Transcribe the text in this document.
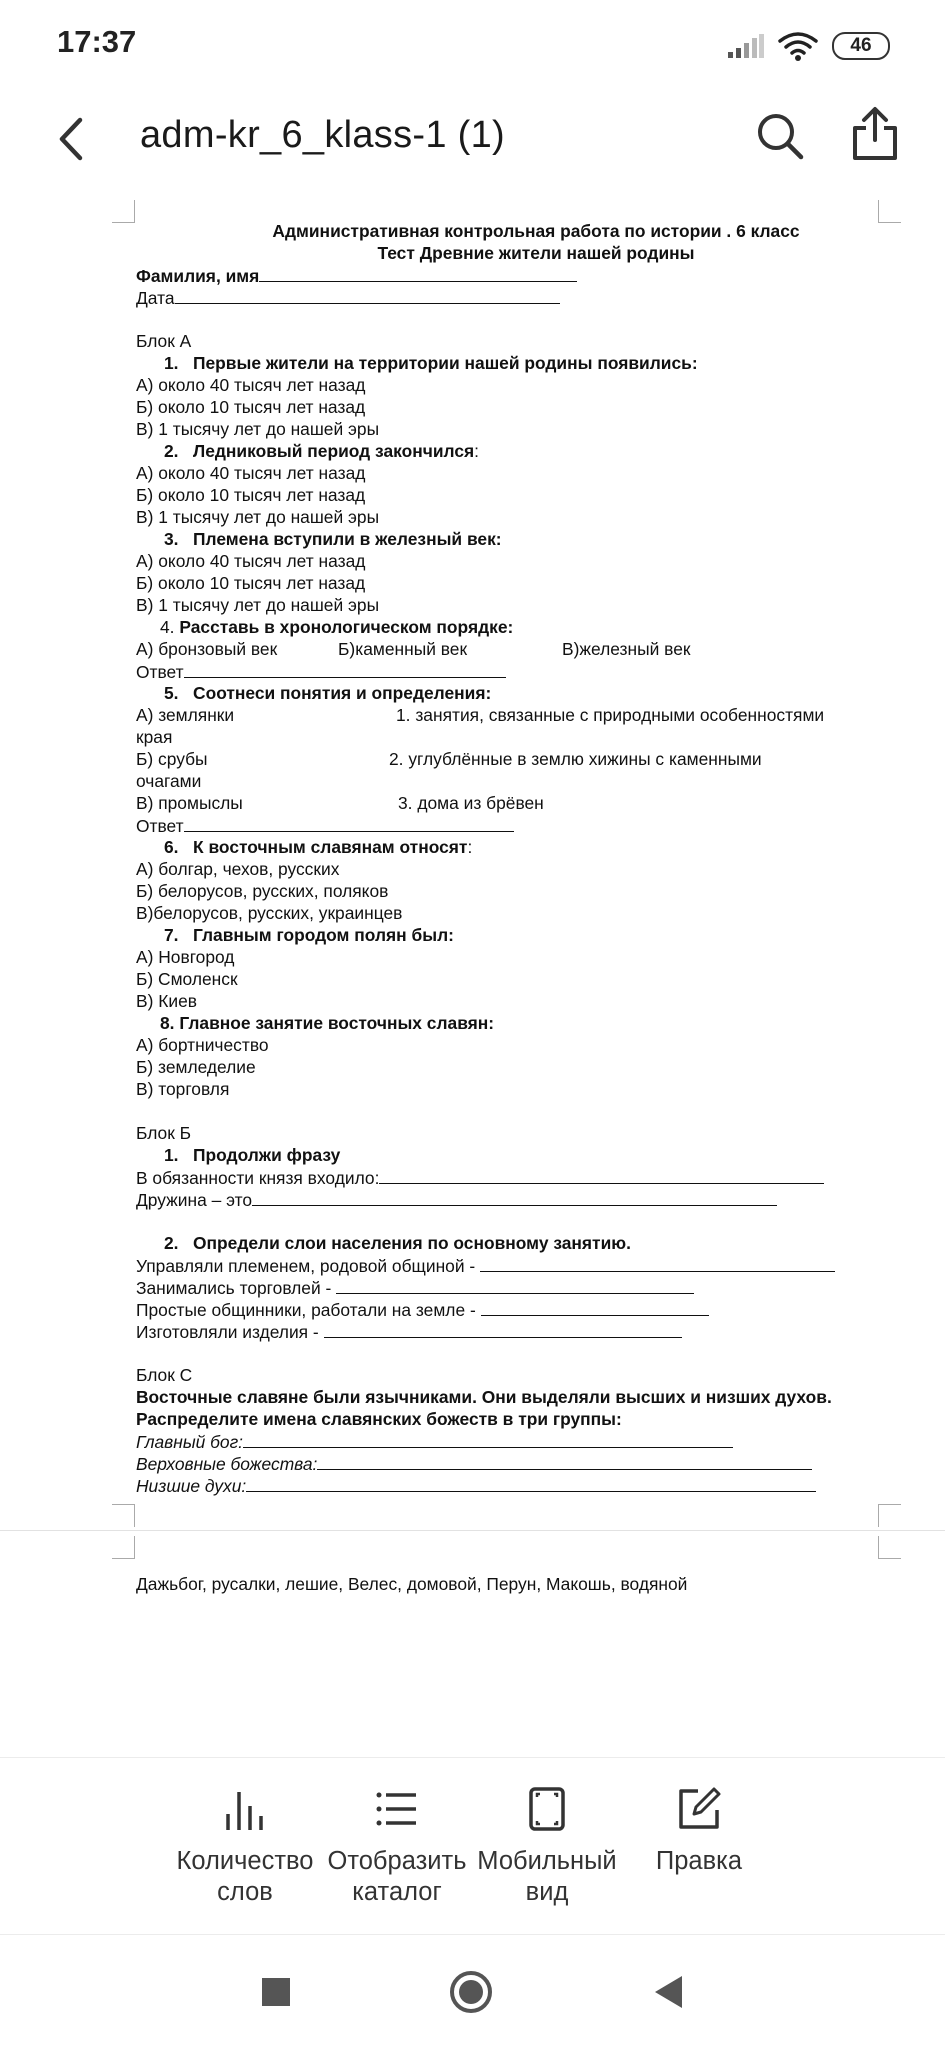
17:37	46
adm-kr_6_klass-1 (1)
Административная контрольная работа по истории . 6 класс
Тест Древние жители нашей родины
Фамилия, имя
Дата
Блок А
1. Первые жители на территории нашей родины появились:
А) около 40 тысяч лет назад
Б) около 10 тысяч лет назад
В) 1 тысячу лет до нашей эры
2. Ледниковый период закончился:
А) около 40 тысяч лет назад
Б) около 10 тысяч лет назад
В) 1 тысячу лет до нашей эры
3. Племена вступили в железный век:
А) около 40 тысяч лет назад
Б) около 10 тысяч лет назад
В) 1 тысячу лет до нашей эры
4. Расставь в хронологическом порядке:
А) бронзовый век	Б)каменный век	В)железный век
Ответ
5. Соотнеси понятия и определения:
А) землянки	1. занятия, связанные с природными особенностями
края
Б) срубы	2. углублённые в землю хижины с каменными
очагами
В) промыслы	3. дома из брёвен
Ответ
6. К восточным славянам относят:
А) болгар, чехов, русских
Б) белорусов, русских, поляков
В)белорусов, русских, украинцев
7. Главным городом полян был:
А) Новгород
Б) Смоленск
В) Киев
8. Главное занятие восточных славян:
А) бортничество
Б) земледелие
В) торговля
Блок Б
1. Продолжи фразу
В обязанности князя входило:
Дружина – это
2. Определи слои населения по основному занятию.
Управляли племенем, родовой общиной -
Занимались торговлей -
Простые общинники, работали на земле -
Изготовляли изделия -
Блок С
Восточные славяне были язычниками. Они выделяли высших и низших духов.
Распределите имена славянских божеств в три группы:
Главный бог:
Верховные божества:
Низшие духи:
Дажьбог, русалки, лешие, Велес, домовой, Перун, Макошь, водяной
Количество
слов
Отобразить
каталог
Мобильный
вид
Правка
